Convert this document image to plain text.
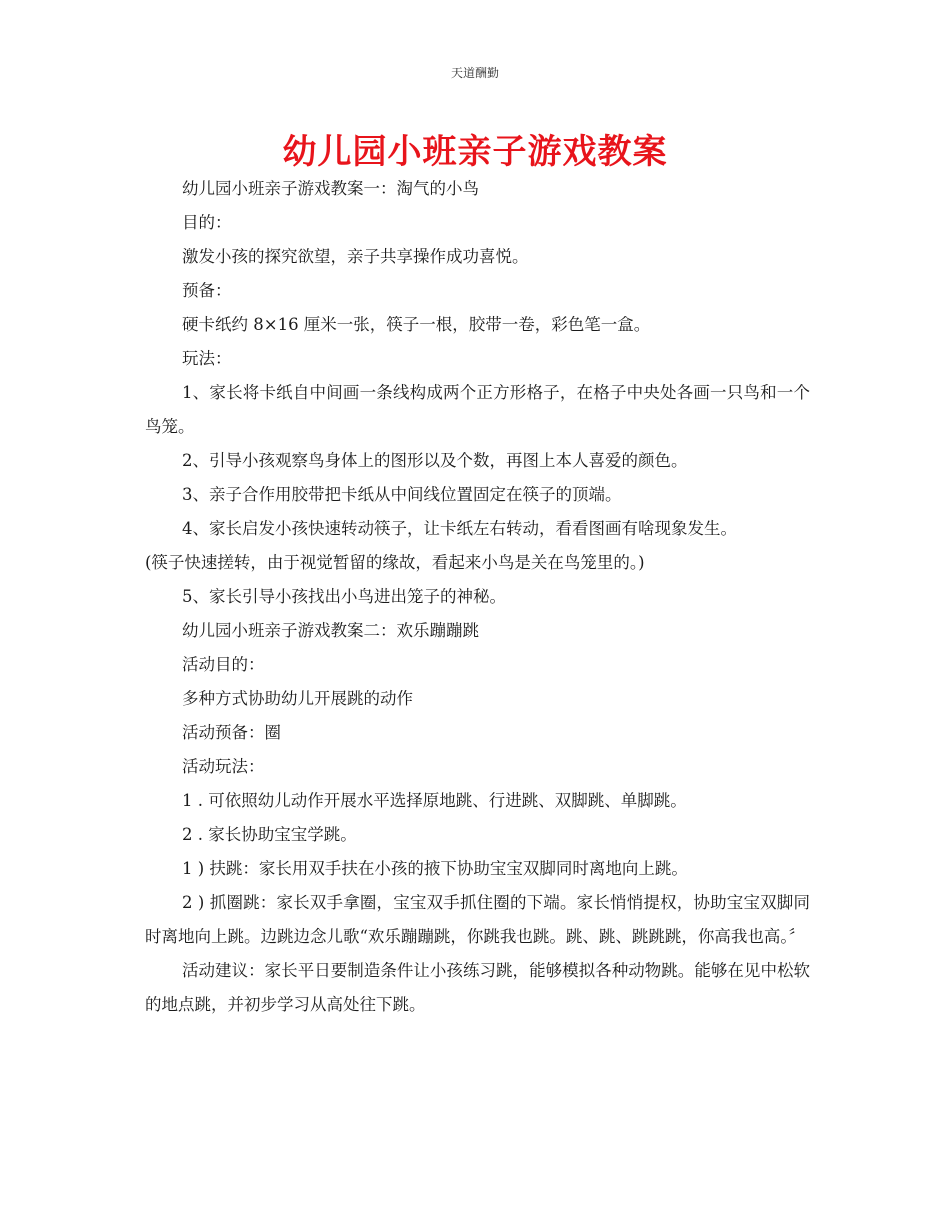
天道酬勤
幼儿园小班亲子游戏教案

幼儿园小班亲子游戏教案一：淘气的小鸟

目的：

激发小孩的探究欲望，亲子共享操作成功喜悦。

预备：

硬卡纸约 8×16 厘米一张，筷子一根，胶带一卷，彩色笔一盒。

玩法：

1、家长将卡纸自中间画一条线构成两个正方形格子，在格子中央处各画一只鸟和一个鸟笼。

2、引导小孩观察鸟身体上的图形以及个数，再图上本人喜爱的颜色。

3、亲子合作用胶带把卡纸从中间线位置固定在筷子的顶端。

4、家长启发小孩快速转动筷子，让卡纸左右转动，看看图画有啥现象发生。

(筷子快速搓转，由于视觉暂留的缘故，看起来小鸟是关在鸟笼里的。)

5、家长引导小孩找出小鸟进出笼子的神秘。

幼儿园小班亲子游戏教案二：欢乐蹦蹦跳

活动目的：

多种方式协助幼儿开展跳的动作

活动预备：圈

活动玩法：

1 . 可依照幼儿动作开展水平选择原地跳、行进跳、双脚跳、单脚跳。

2 . 家长协助宝宝学跳。

1 ) 扶跳：家长用双手扶在小孩的掖下协助宝宝双脚同时离地向上跳。

2 ) 抓圈跳：家长双手拿圈，宝宝双手抓住圈的下端。家长悄悄提权，协助宝宝双脚同时离地向上跳。边跳边念儿歌“欢乐蹦蹦跳，你跳我也跳。跳、跳、跳跳跳，你高我也高。〞

活动建议：家长平日要制造条件让小孩练习跳，能够模拟各种动物跳。能够在见中松软的地点跳，并初步学习从高处往下跳。
